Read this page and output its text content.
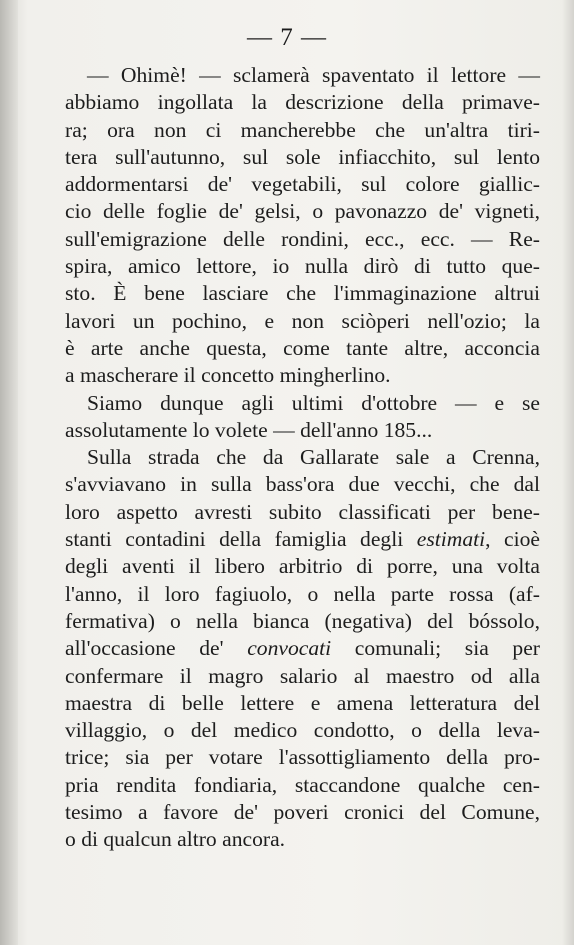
— 7 —
— Ohimè! — sclamerà spaventato il lettore —
abbiamo ingollata la descrizione della primave-
ra; ora non ci mancherebbe che un'altra tiri-
tera sull'autunno, sul sole infiacchito, sul lento
addormentarsi de' vegetabili, sul colore giallic-
cio delle foglie de' gelsi, o pavonazzo de' vigneti,
sull'emigrazione delle rondini, ecc., ecc. — Re-
spira, amico lettore, io nulla dirò di tutto que-
sto. È bene lasciare che l'immaginazione altrui
lavori un pochino, e non sciòperi nell'ozio; la
è arte anche questa, come tante altre, acconcia
a mascherare il concetto mingherlino.
Siamo dunque agli ultimi d'ottobre — e se
assolutamente lo volete — dell'anno 185...
Sulla strada che da Gallarate sale a Crenna,
s'avviavano in sulla bass'ora due vecchi, che dal
loro aspetto avresti subito classificati per bene-
stanti contadini della famiglia degli estimati, cioè
degli aventi il libero arbitrio di porre, una volta
l'anno, il loro fagiuolo, o nella parte rossa (af-
fermativa) o nella bianca (negativa) del bóssolo,
all'occasione de' convocati comunali; sia per
confermare il magro salario al maestro od alla
maestra di belle lettere e amena letteratura del
villaggio, o del medico condotto, o della leva-
trice; sia per votare l'assottigliamento della pro-
pria rendita fondiaria, staccandone qualche cen-
tesimo a favore de' poveri cronici del Comune,
o di qualcun altro ancora.
